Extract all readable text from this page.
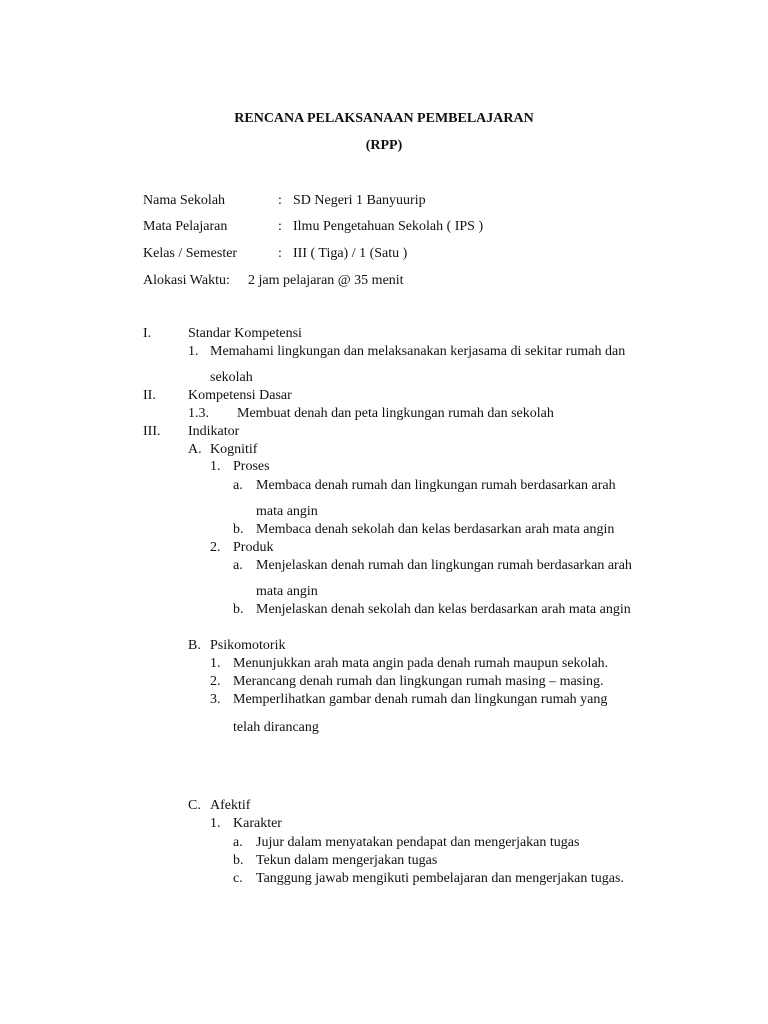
RENCANA PELAKSANAAN PEMBELAJARAN
(RPP)
Nama Sekolah	: SD Negeri 1 Banyuurip
Mata Pelajaran	: Ilmu Pengetahuan Sekolah ( IPS )
Kelas / Semester	: III ( Tiga) / 1 (Satu )
Alokasi Waktu: 2 jam pelajaran @ 35 menit
I.	Standar Kompetensi
1. Memahami lingkungan dan melaksanakan kerjasama di sekitar rumah dan
sekolah
II. Kompetensi Dasar
1.3. Membuat denah dan peta lingkungan rumah dan sekolah
III. Indikator
A. Kognitif
1. Proses
a. Membaca denah rumah dan lingkungan rumah berdasarkan arah
mata angin
b. Membaca denah sekolah dan kelas berdasarkan arah mata angin
2. Produk
a. Menjelaskan denah rumah dan lingkungan rumah berdasarkan arah
mata angin
b. Menjelaskan denah sekolah dan kelas berdasarkan arah mata angin
B. Psikomotorik
1. Menunjukkan arah mata angin pada denah rumah maupun sekolah.
2. Merancang denah rumah dan lingkungan rumah masing – masing.
3. Memperlihatkan gambar denah rumah dan lingkungan rumah yang
telah dirancang
C. Afektif
1. Karakter
a. Jujur dalam menyatakan pendapat dan mengerjakan tugas
b. Tekun dalam mengerjakan tugas
c. Tanggung jawab mengikuti pembelajaran dan mengerjakan tugas.
